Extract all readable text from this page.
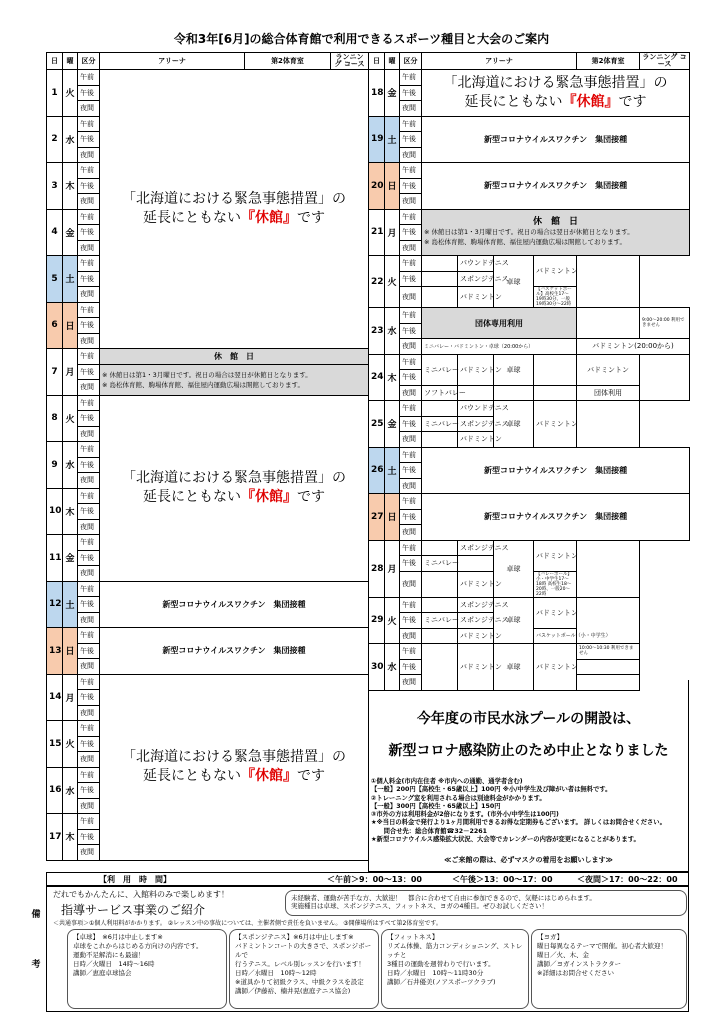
令和3年[6月]の総合体育館で利用できるスポーツ種目と大会のご案内
日	曜	区分	アリーナ	第2体育室	ランニング コース
1	火	午前	「北海道における緊急事態措置」の
延長にともない『休館』です		

		午後			
		夜間			
2	水	午前			
		午後			
		夜間			
3	木	午前			
		午後			
		夜間			
4	金	午前			
		午後			
		夜間			
5	土	午前			
		午後			
		夜間			
6	日	午前			
		午後			
		夜間			
7	月	午前	休　館　日		
		午後	※ 休館日は第1・3月曜日です。祝日の場合は翌日が休館日となります。
※ 島松体育館、駒場体育館、福住屋内運動広場は開館しております。		

		夜間			
8	火	午前	「北海道における緊急事態措置」の
延長にともない『休館』です		

		午後			
		夜間			
9	水	午前			
		午後			
		夜間			
10	木	午前			
		午後			
		夜間			
11	金	午前			
		午後			
		夜間			
12	土	午前	新型コロナウイルスワクチン　集団接種		
		午後			
		夜間			
13	日	午前	新型コロナウイルスワクチン　集団接種		
		午後			
		夜間			
14	月	午前	「北海道における緊急事態措置」の
延長にともない『休館』です		

		午後			
		夜間			
15	火	午前			
		午後			
		夜間			
16	水	午前			
		午後			
		夜間			
17	木	午前			
		午後			
		夜間			
日	曜	区分	アリーナ				第2体育室	ランニング コース
18	金	午前	「北海道における緊急事態措置」の
延長にともない『休館』です					

		午後						
		夜間						
19	土	午前	新型コロナウイルスワクチン　集団接種					
		午後						
		夜間						
20	日	午前	新型コロナウイルスワクチン　集団接種					
		午後						
		夜間						
21	月	午前	休　館　日
※ 休館日は第1・3月曜日です。祝日の場合は翌日が休館日となります。
※ 島松体育館、駒場体育館、福住屋内運動広場は開館しております。					

		午後						
		夜間						
22	火	午前		パウンドテニス	卓球	バドミントン		
		午後		スポンジテニス				
		夜間		バドミントン		【バスケットボール】高校生17～19時30分、一般19時30分～22時		
23	水	午前	団体専用利用					9:00～20:00 利用できません
		午後						
		夜間	ミニバレー・バドミントン・卓球（20:00から）				バドミントン(20:00から)	
24	木	午前	ミニバレー	バドミントン	卓球		バドミントン	
		午後						
		夜間	ソフトバレー				団体利用	
25	金	午前		パウンドテニス	卓球	バドミントン		
		午後	ミニバレー	スポンジテニス				
		夜間		バドミントン				
26	土	午前	新型コロナウイルスワクチン　集団接種					
		午後						
		夜間						
27	日	午前	新型コロナウイルスワクチン　集団接種					
		午後						
		夜間						
28	月	午前		スポンジテニス	卓球	バドミントン		
		午後	ミニバレー					
		夜間		バドミントン		【バレーボール】小・中学生17～18時 高校生18～20時、一般20～22時		
29	火	午前		スポンジテニス	卓球	バドミントン		
		午後	ミニバレー	スポンジテニス				
		夜間		バドミントン		バスケットボール（小・中学生）		
30	水	午前		バドミントン	卓球	バドミントン	10:00～10:30 利用できません	
		午後						
		夜間						
今年度の市民水泳プールの開設は、
新型コロナ感染防止のため中止となりました
①個人料金(市内在住者 ※市内への通勤、通学者含む)
【一般】200円【高校生・65歳以上】100円 ※小/中学生及び障がい者は無料です。
②トレーニング室を利用される場合は別途料金がかかります。
【一般】300円【高校生・65歳以上】150円
③市外の方は利用料金が2倍になります。(市外小/中学生は100円)
★※当日の料金で発行より1ヶ月間利用できるお得な定期券もございます。 詳しくはお問合せください。
　　問合せ先：総合体育館☎32－2261
★新型コロナウイルス感染拡大状況、大会等でカレンダーの内容が変更になることがあります。
≪ご来館の際は、必ずマスクの着用をお願いします≫
【利　用　時　間】	＜午前＞9：00～13：00	＜午後＞13：00～17：00	＜夜間＞17：00～22：00
備
考
だれでもかんたんに、入館料のみで楽しめます！
指導サービス事業のご紹介
＜共通事項＞①個人利用料がかかります。 ②レッスン中の事故については、主催者側で責任を負いません。 ③開催場所はすべて第2体育室です。
未経験者、運動が苦手な方、大歓迎！　都合に合わせて自由に参加できるので、気軽にはじめられます。
実施種目は卓球、スポンジテニス、フィットネス、ヨガの4種目。ぜひお試しください！
【卓球】　※6月は中止します※
卓球をこれからはじめる方向けの内容です。
運動不足解消にも最適！
日時／火曜日　14時～16時
講師／恵庭卓球協会
【スポンジテニス】※6月は中止します※
バドミントンコートの大きさで、スポンジボールで
行うテニス。レベル別レッスンを行います！
日時／水曜日　10時～12時
※道具かりて初級クラス、中級クラスを設定
講師／伊藤裕、楠井晃(恵庭テニス協会)
【フィットネス】
リズム体操、筋力コンディショニング、ストレッチと
3種目の運動を週替わりで行います。
日時／水曜日　10時～11時30分
講師／石井優美(ノアスポーツクラブ)
【ヨガ】
曜日毎異なるテーマで開催。初心者大歓迎！
曜日／火、木、金
講師／ヨガインストラクター
※詳細はお問合せください
